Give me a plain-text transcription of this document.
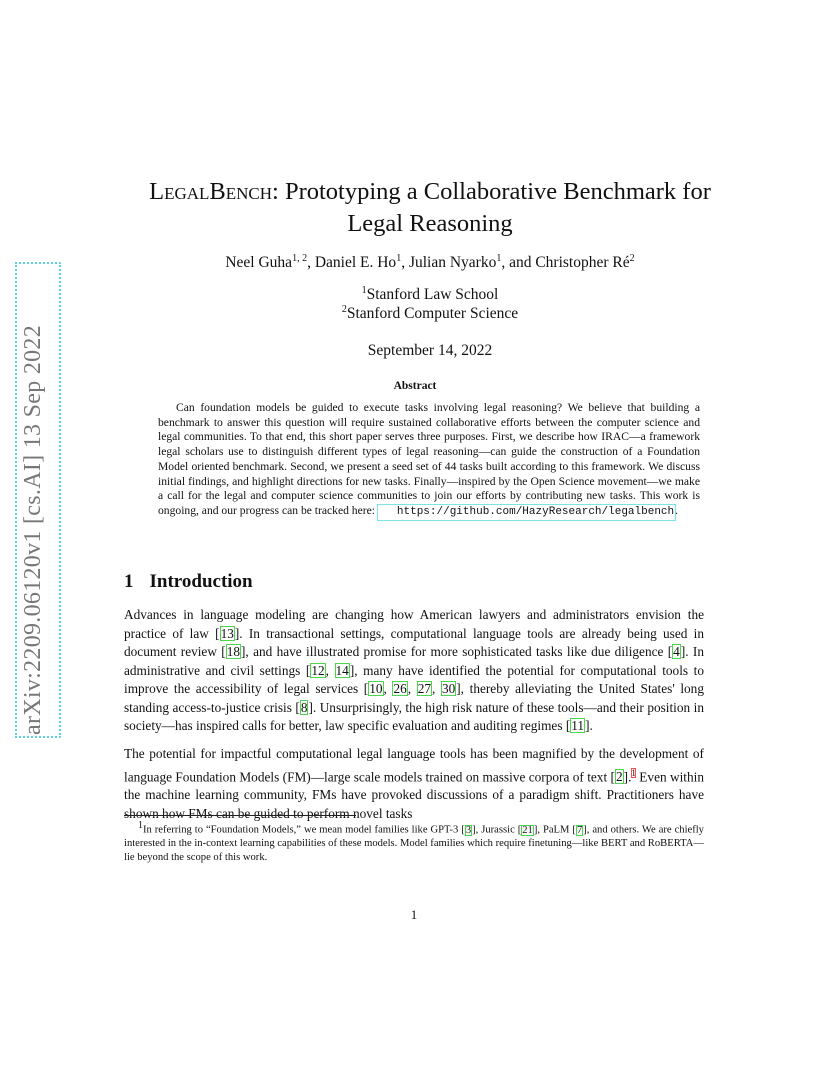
arXiv:2209.06120v1 [cs.AI] 13 Sep 2022
LegalBench: Prototyping a Collaborative Benchmark for
Legal Reasoning
Neel Guha$^{1, 2}$, Daniel E. Ho$^1$, Julian Nyarko$^1$, and Christopher $Ré^2$
$^1$Stanford Law School
$^2$Stanford Computer Science
September 14, 2022
Abstract
Can foundation models be guided to execute tasks involving legal reasoning? We believe that building a benchmark to answer this question will require sustained collaborative efforts between the computer science and legal communities. To that end, this short paper serves three purposes. First, we describe how IRAC—a framework legal scholars use to distinguish different types of legal reasoning—can guide the construction of a Foundation Model oriented benchmark. Second, we present a seed set of 44 tasks built according to this framework. We discuss initial findings, and highlight directions for new tasks. Finally—inspired by the Open Science movement—we make a call for the legal and computer science communities to join our efforts by contributing new tasks. This work is ongoing, and our progress can be tracked here: https://github.com/HazyResearch/legalbench.
1 Introduction
Advances in language modeling are changing how American lawyers and administrators envision the practice of law [13]. In transactional settings, computational language tools are already being used in document review [18], and have illustrated promise for more sophisticated tasks like due diligence [4]. In administrative and civil settings [12, 14], many have identified the potential for computational tools to improve the accessibility of legal services [10, 26, 27, 30], thereby alleviating the United States' long standing access-to-justice crisis [8]. Unsurprisingly, the high risk nature of these tools—and their position in society—has inspired calls for better, law specific evaluation and auditing regimes [11].
The potential for impactful computational legal language tools has been magnified by the development of language Foundation Models (FM)—large scale models trained on massive corpora of text [2].$^1$ Even within the machine learning community, FMs have provoked discussions of a paradigm shift. Practitioners have shown how FMs can be guided to perform novel tasks
$^1$In referring to “Foundation Models,” we mean model families like GPT-3 [3], Jurassic [21], PaLM [7], and others. We are chiefly interested in the in-context learning capabilities of these models. Model families which require finetuning—like BERT and RoBERTA—lie beyond the scope of this work.
1
